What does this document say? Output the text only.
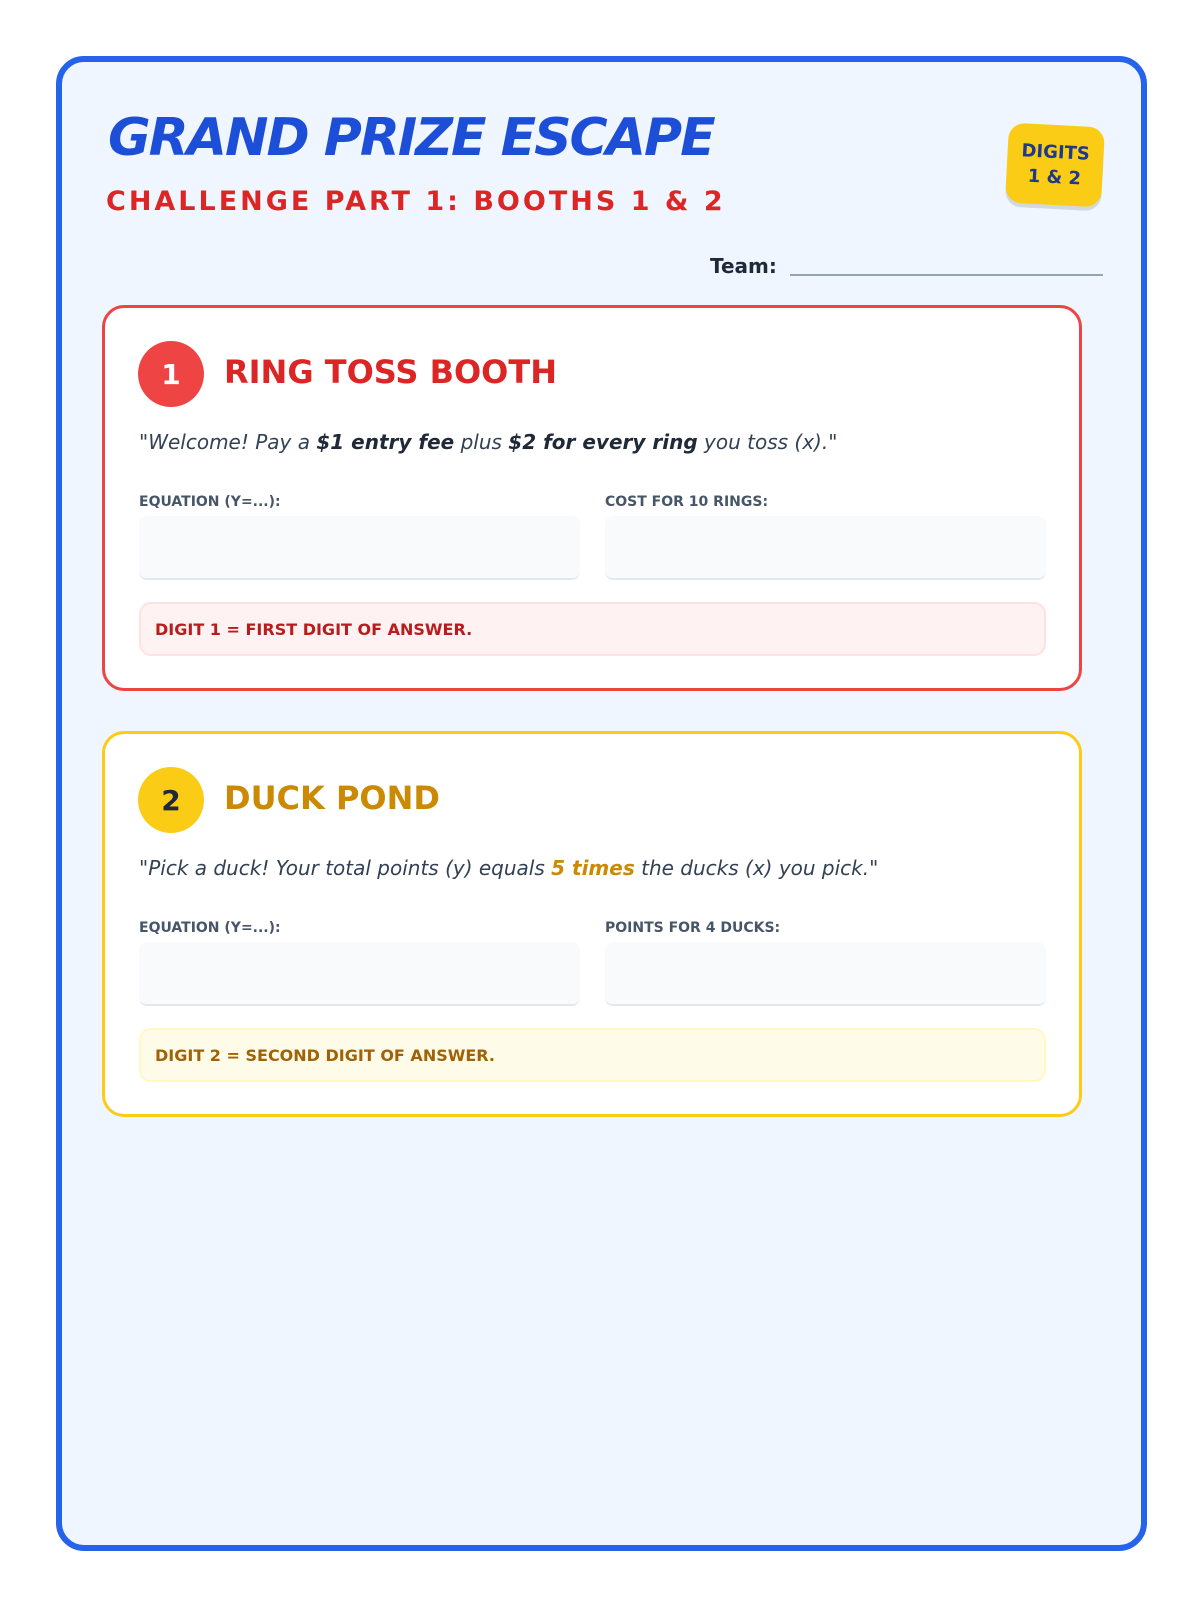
GRAND PRIZE ESCAPE
CHALLENGE PART 1: BOOTHS 1 & 2
DIGITS
1 & 2
Team:
1	RING TOSS BOOTH
"Welcome! Pay a $1 entry fee plus $2 for every ring you toss (x)."
EQUATION (Y=...):	COST FOR 10 RINGS:
DIGIT 1 = FIRST DIGIT OF ANSWER.
2	DUCK POND
"Pick a duck! Your total points (y) equals 5 times the ducks (x) you pick."
EQUATION (Y=...):	POINTS FOR 4 DUCKS:
DIGIT 2 = SECOND DIGIT OF ANSWER.
